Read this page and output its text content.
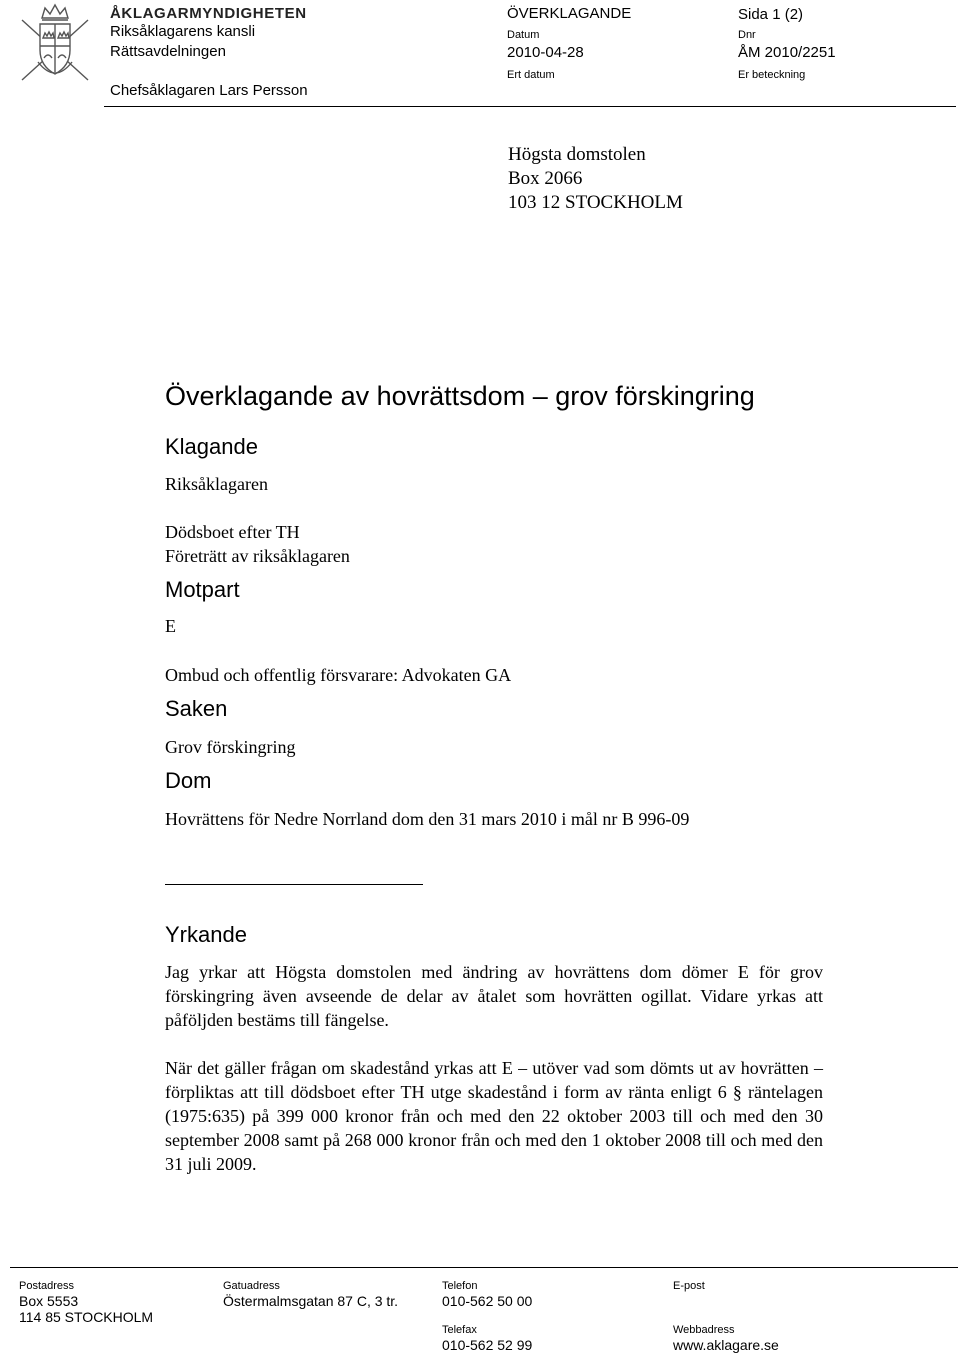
ÅKLAGARMYNDIGHETEN
Riksåklagarens kansli
Rättsavdelningen
Chefsåklagaren Lars Persson
ÖVERKLAGANDE	Sida 1 (2)
Datum
2010-04-28
Dnr
ÅM 2010/2251
Ert datum	Er beteckning
Högsta domstolen
Box 2066
103 12 STOCKHOLM
Överklagande av hovrättsdom – grov förskingring
Klagande
Riksåklagaren
Dödsboet efter TH
Företrätt av riksåklagaren
Motpart
E
Ombud och offentlig försvarare: Advokaten GA
Saken
Grov förskingring
Dom
Hovrättens för Nedre Norrland dom den 31 mars 2010 i mål nr B 996-09
Yrkande
Jag yrkar att Högsta domstolen med ändring av hovrättens dom dömer E för grov förskingring även avseende de delar av åtalet som hovrätten ogillat. Vidare yrkas att påföljden bestäms till fängelse.
När det gäller frågan om skadestånd yrkas att E – utöver vad som dömts ut av hovrätten – förpliktas att till dödsboet efter TH utge skadestånd i form av ränta enligt 6 § räntelagen (1975:635) på 399 000 kronor från och med den 22 oktober 2003 till och med den 30 september 2008 samt på 268 000 kronor från och med den 1 oktober 2008 till och med den 31 juli 2009.
Postadress
Box 5553
114 85 STOCKHOLM
Gatuadress
Östermalmsgatan 87 C, 3 tr.
Telefon
010-562 50 00
Telefax
010-562 52 99
E-post
Webbadress
www.aklagare.se
